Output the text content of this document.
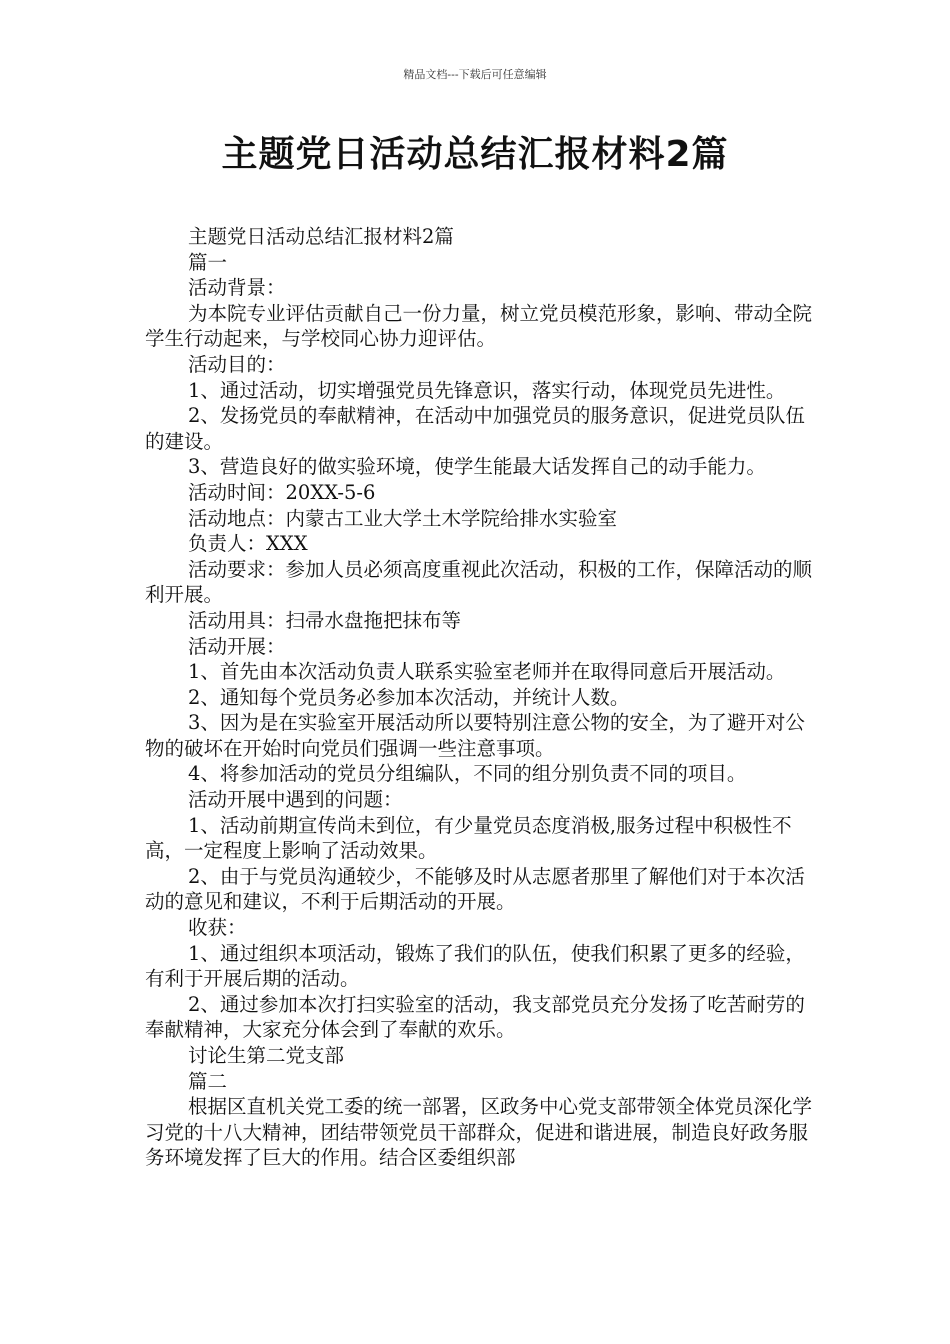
精品文档---下载后可任意编辑
主题党日活动总结汇报材料2篇

主题党日活动总结汇报材料2篇

篇一

活动背景：

为本院专业评估贡献自己一份力量，树立党员模范形象，影响、带动全院学生行动起来，与学校同心协力迎评估。

活动目的：

1、通过活动，切实增强党员先锋意识，落实行动，体现党员先进性。

2、发扬党员的奉献精神，在活动中加强党员的服务意识，促进党员队伍的建设。

3、营造良好的做实验环境，使学生能最大话发挥自己的动手能力。

活动时间：20XX-5-6

活动地点：内蒙古工业大学土木学院给排水实验室

负责人：XXX

活动要求：参加人员必须高度重视此次活动，积极的工作，保障活动的顺利开展。

活动用具：扫帚水盘拖把抹布等

活动开展：

1、首先由本次活动负责人联系实验室老师并在取得同意后开展活动。

2、通知每个党员务必参加本次活动，并统计人数。

3、因为是在实验室开展活动所以要特别注意公物的安全，为了避开对公物的破坏在开始时向党员们强调一些注意事项。

4、将参加活动的党员分组编队，不同的组分别负责不同的项目。

活动开展中遇到的问题：

1、活动前期宣传尚未到位，有少量党员态度消极,服务过程中积极性不高，一定程度上影响了活动效果。

2、由于与党员沟通较少，不能够及时从志愿者那里了解他们对于本次活动的意见和建议，不利于后期活动的开展。

收获：

1、通过组织本项活动，锻炼了我们的队伍，使我们积累了更多的经验，有利于开展后期的活动。

2、通过参加本次打扫实验室的活动，我支部党员充分发扬了吃苦耐劳的奉献精神，大家充分体会到了奉献的欢乐。

讨论生第二党支部

篇二

根据区直机关党工委的统一部署，区政务中心党支部带领全体党员深化学习党的十八大精神，团结带领党员干部群众，促进和谐进展，制造良好政务服务环境发挥了巨大的作用。结合区委组织部
